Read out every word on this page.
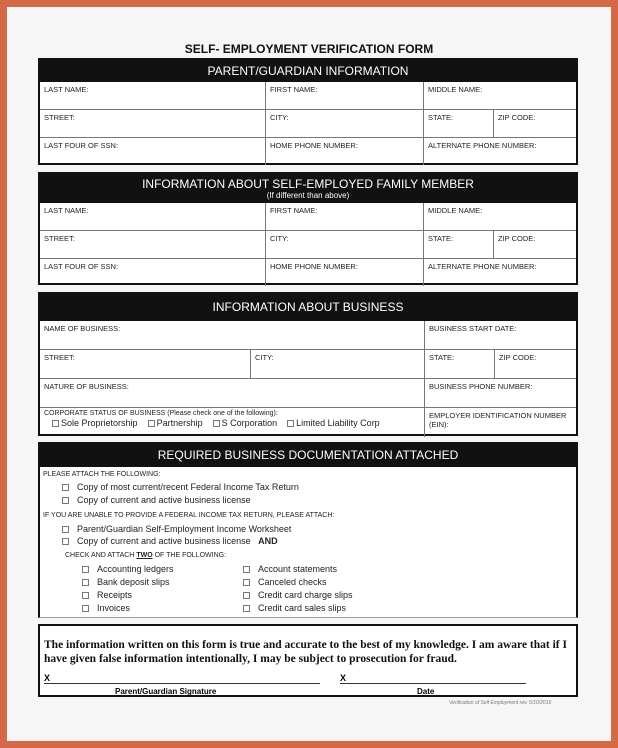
SELF- EMPLOYMENT VERIFICATION FORM
PARENT/GUARDIAN INFORMATION
LAST NAME:	FIRST NAME:	MIDDLE NAME:
STREET:	CITY:	STATE:	ZIP CODE:
LAST FOUR OF SSN:	HOME PHONE NUMBER:	ALTERNATE PHONE NUMBER:
INFORMATION ABOUT SELF-EMPLOYED FAMILY MEMBER
(If different than above)
LAST NAME:	FIRST NAME:	MIDDLE NAME:
STREET:	CITY:	STATE:	ZIP CODE:
LAST FOUR OF SSN:	HOME PHONE NUMBER:	ALTERNATE PHONE NUMBER:
INFORMATION ABOUT BUSINESS
NAME OF BUSINESS:	BUSINESS START DATE:
STREET:	CITY:	STATE:	ZIP CODE:
NATURE OF BUSINESS:	BUSINESS PHONE NUMBER:
CORPORATE STATUS OF BUSINESS (Please check one of the following):
Sole Proprietorship Partnership S Corporation Limited Liability Corp
EMPLOYER IDENTIFICATION NUMBER (EIN):
REQUIRED BUSINESS DOCUMENTATION ATTACHED
PLEASE ATTACH THE FOLLOWING:
Copy of most current/recent Federal Income Tax Return
Copy of current and active business license
IF YOU ARE UNABLE TO PROVIDE A FEDERAL INCOME TAX RETURN, PLEASE ATTACH:
Parent/Guardian Self-Employment Income Worksheet
Copy of current and active business license AND
CHECK AND ATTACH TWO OF THE FOLLOWING:
Accounting ledgers
Bank deposit slips
Receipts
Invoices
Account statements
Canceled checks
Credit card charge slips
Credit card sales slips
The information written on this form is true and accurate to the best of my knowledge. I am aware that if I have given false information intentionally, I may be subject to prosecution for fraud.
X
Parent/Guardian Signature
X
Date
Verification of Self Employment rev. 5/10/2016
